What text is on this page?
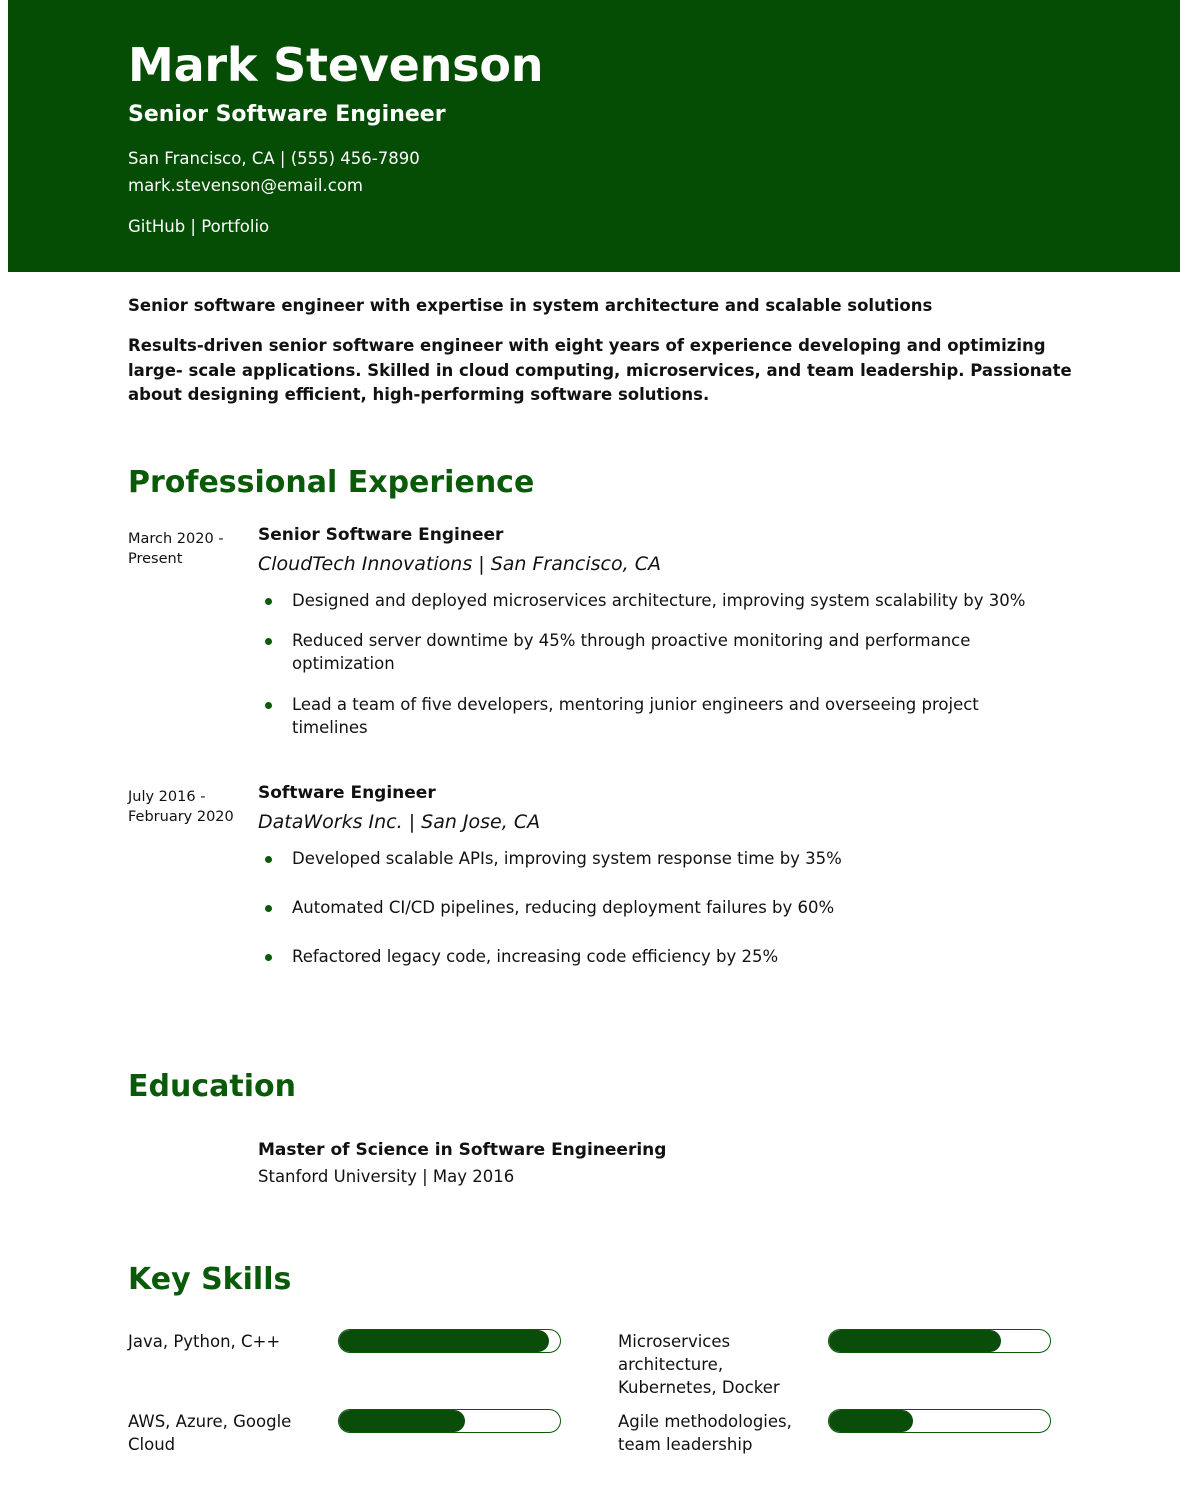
Mark Stevenson
Senior Software Engineer

San Francisco, CA | (555) 456-7890

mark.stevenson@email.com

GitHub | Portfolio

Senior software engineer with expertise in system architecture and scalable solutions

Results-driven senior software engineer with eight years of experience developing and optimizing large- scale applications. Skilled in cloud computing, microservices, and team leadership. Passionate about designing efficient, high-performing software solutions.

Professional Experience
March 2020 - Present

Senior Software Engineer

CloudTech Innovations | San Francisco, CA

Designed and deployed microservices architecture, improving system scalability by 30%
Reduced server downtime by 45% through proactive monitoring and performance optimization
Lead a team of five developers, mentoring junior engineers and overseeing project timelines
July 2016 - February 2020

Software Engineer

DataWorks Inc. | San Jose, CA

Developed scalable APIs, improving system response time by 35%
Automated CI/CD pipelines, reducing deployment failures by 60%
Refactored legacy code, increasing code efficiency by 25%
Education

Master of Science in Software Engineering

Stanford University | May 2016

Key Skills
Java, Python, C++	Microservices architecture, Kubernetes, Docker
AWS, Azure, Google Cloud
Agile methodologies, team leadership
